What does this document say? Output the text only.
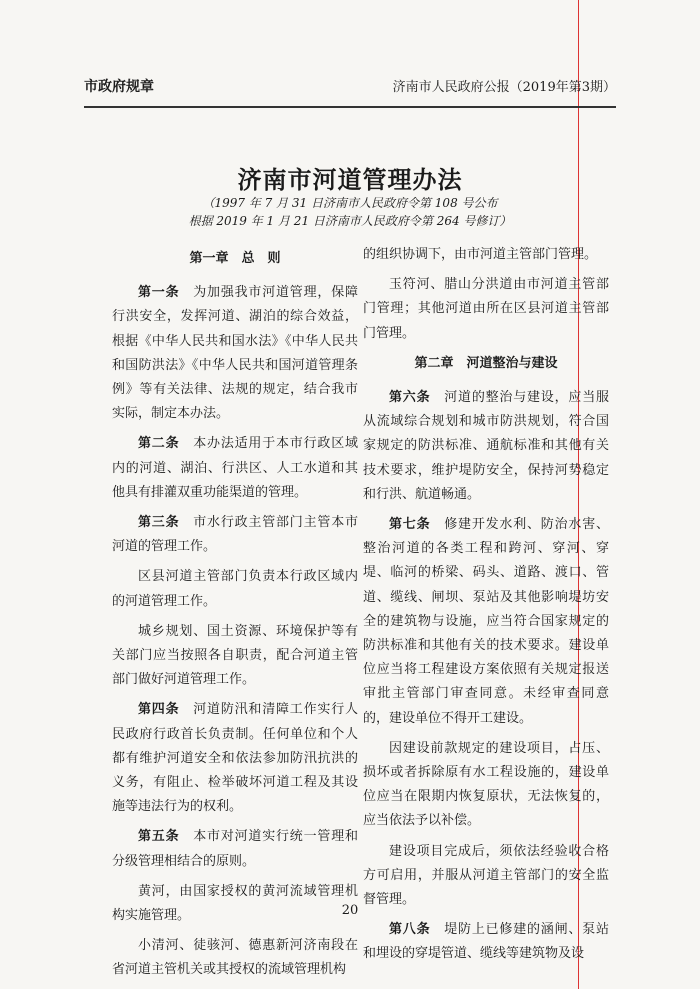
市政府规章	济南市人民政府公报（2019年第3期）
济南市河道管理办法
（1997 年 7 月 31 日济南市人民政府令第 108 号公布
根据 2019 年 1 月 21 日济南市人民政府令第 264 号修订）

第一章　总　则

第一条　 为加强我市河道管理，保障行洪安全，发挥河道、湖泊的综合效益，根据《中华人民共和国水法》《中华人民共和国防洪法》《中华人民共和国河道管理条例》等有关法律、法规的规定，结合我市实际，制定本办法。

第二条　 本办法适用于本市行政区域内的河道、湖泊、行洪区、人工水道和其他具有排灌双重功能渠道的管理。

第三条　 市水行政主管部门主管本市河道的管理工作。

区县河道主管部门负责本行政区域内的河道管理工作。

城乡规划、国土资源、环境保护等有关部门应当按照各自职责，配合河道主管部门做好河道管理工作。

第四条　 河道防汛和清障工作实行人民政府行政首长负责制。任何单位和个人都有维护河道安全和依法参加防汛抗洪的义务，有阻止、检举破坏河道工程及其设施等违法行为的权利。

第五条　 本市对河道实行统一管理和分级管理相结合的原则。

黄河，由国家授权的黄河流域管理机构实施管理。

小清河、徒骇河、德惠新河济南段在省河道主管机关或其授权的流域管理机构

的组织协调下，由市河道主管部门管理。

玉符河、腊山分洪道由市河道主管部门管理；其他河道由所在区县河道主管部门管理。

第二章　河道整治与建设

第六条　 河道的整治与建设，应当服从流域综合规划和城市防洪规划，符合国家规定的防洪标准、通航标准和其他有关技术要求，维护堤防安全，保持河势稳定和行洪、航道畅通。

第七条　 修建开发水利、防治水害、整治河道的各类工程和跨河、穿河、穿堤、临河的桥梁、码头、道路、渡口、管道、缆线、闸坝、泵站及其他影响堤坊安全的建筑物与设施，应当符合国家规定的防洪标准和其他有关的技术要求。建设单位应当将工程建设方案依照有关规定报送审批主管部门审查同意。未经审查同意的，建设单位不得开工建设。

因建设前款规定的建设项目，占压、损坏或者拆除原有水工程设施的，建设单位应当在限期内恢复原状，无法恢复的，应当依法予以补偿。

建设项目完成后，须依法经验收合格方可启用，并服从河道主管部门的安全监督管理。

第八条　 堤防上已修建的涵闸、泵站和埋设的穿堤管道、缆线等建筑物及设

20
